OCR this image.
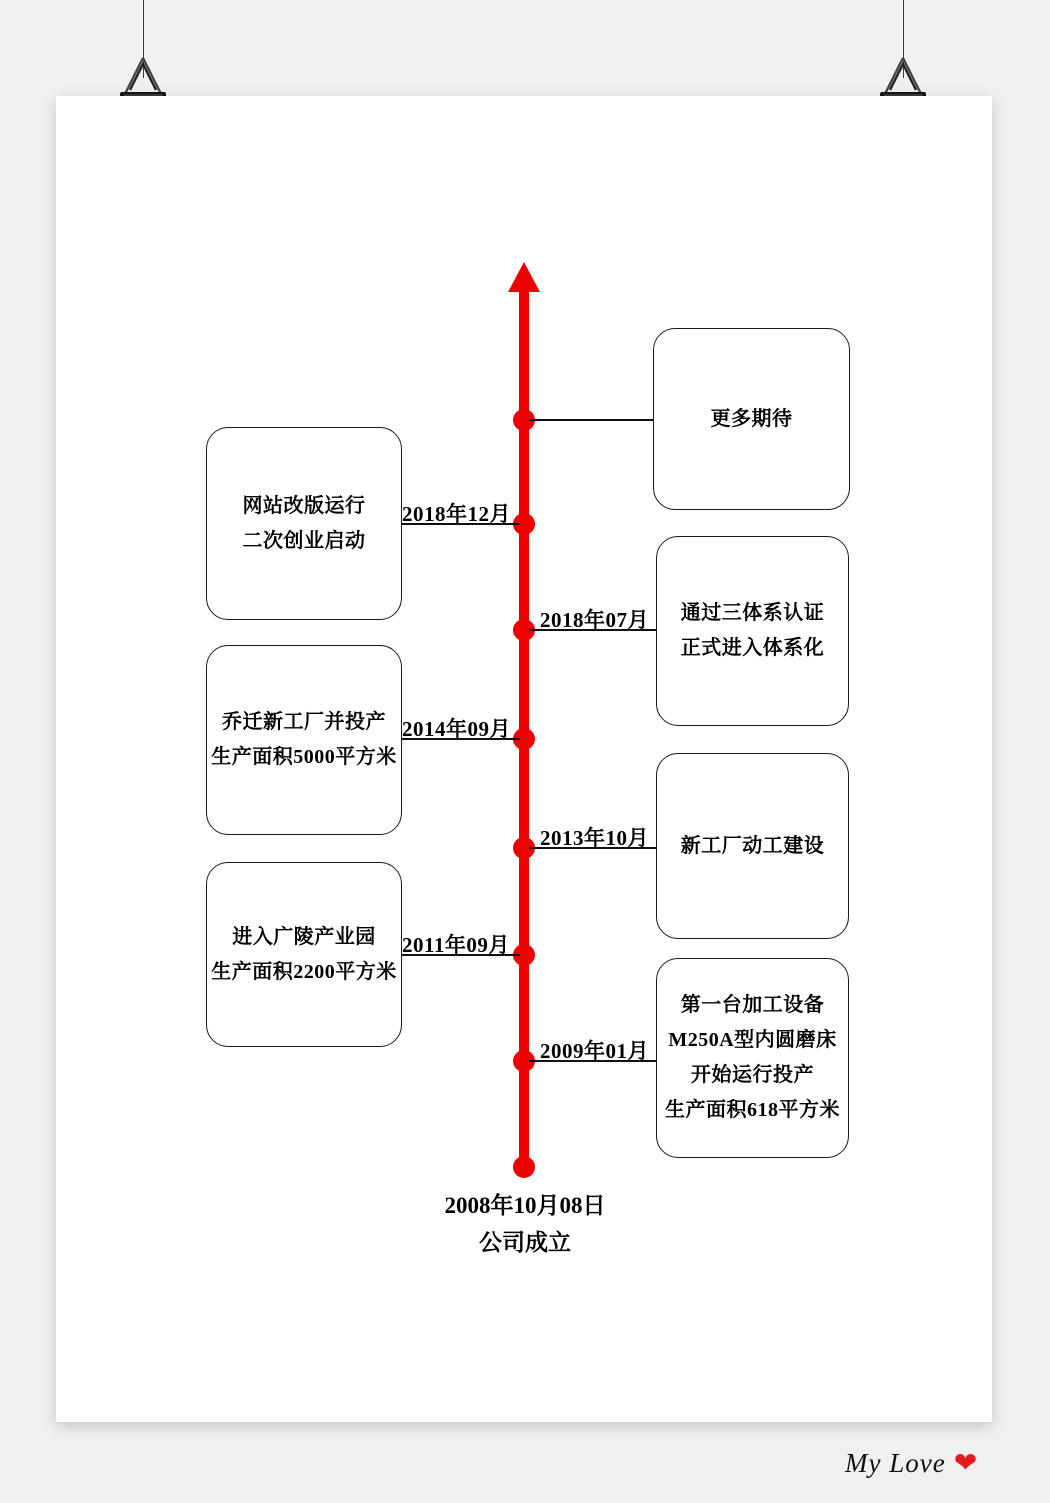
2018年12月
2018年07月
2014年09月
2013年10月
2011年09月
2009年01月
更多期待
网站改版运行
二次创业启动
通过三体系认证
正式进入体系化
乔迁新工厂并投产
生产面积5000平方米
新工厂动工建设
进入广陵产业园
生产面积2200平方米
第一台加工设备
M250A型内圆磨床
开始运行投产
生产面积618平方米
2008年10月08日
公司成立
My Love ❤
